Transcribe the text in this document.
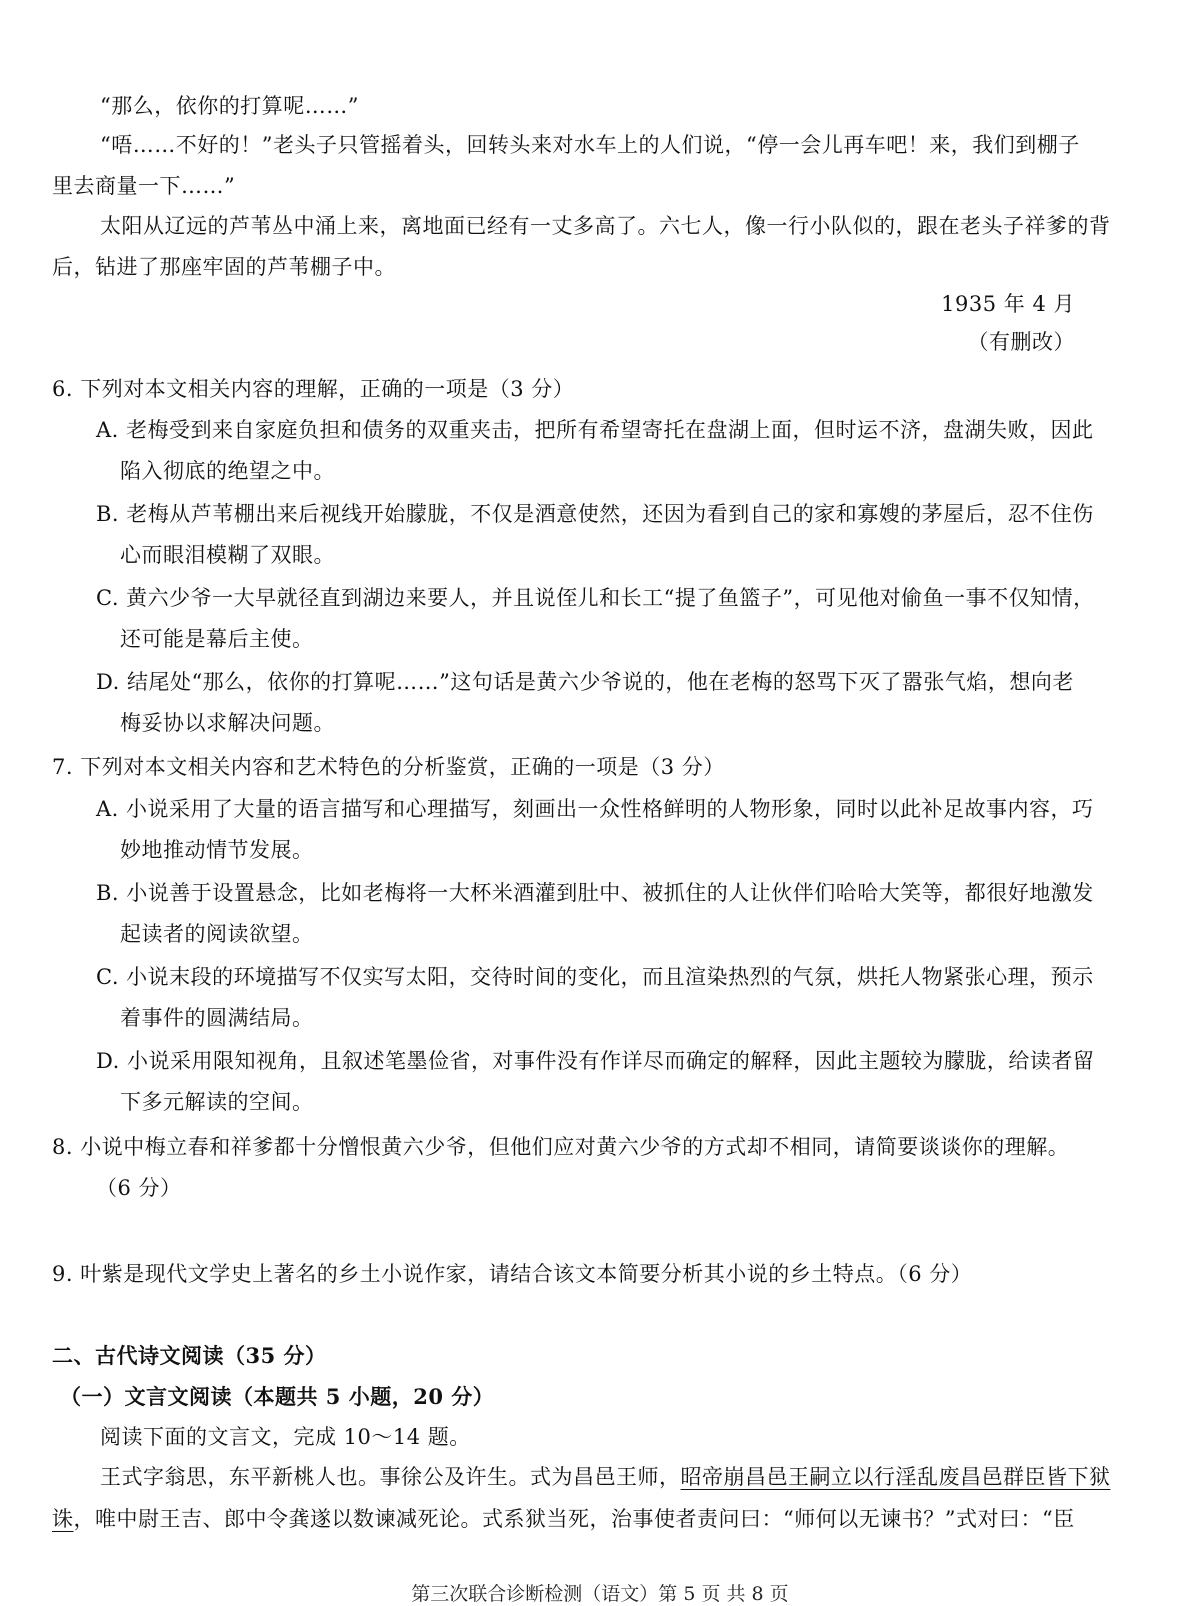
“那么，依你的打算呢……”
“唔……不好的！”老头子只管摇着头，回转头来对水车上的人们说，“停一会儿再车吧！来，我们到棚子
里去商量一下……”
太阳从辽远的芦苇丛中涌上来，离地面已经有一丈多高了。六七人，像一行小队似的，跟在老头子祥爹的背
后，钻进了那座牢固的芦苇棚子中。
1935 年 4 月
（有删改）
6. 下列对本文相关内容的理解，正确的一项是（3 分）
A. 老梅受到来自家庭负担和债务的双重夹击，把所有希望寄托在盘湖上面，但时运不济，盘湖失败，因此
陷入彻底的绝望之中。
B. 老梅从芦苇棚出来后视线开始朦胧，不仅是酒意使然，还因为看到自己的家和寡嫂的茅屋后，忍不住伤
心而眼泪模糊了双眼。
C. 黄六少爷一大早就径直到湖边来要人，并且说侄儿和长工“提了鱼篮子”，可见他对偷鱼一事不仅知情，
还可能是幕后主使。
D. 结尾处“那么，依你的打算呢……”这句话是黄六少爷说的，他在老梅的怒骂下灭了嚣张气焰，想向老
梅妥协以求解决问题。
7. 下列对本文相关内容和艺术特色的分析鉴赏，正确的一项是（3 分）
A. 小说采用了大量的语言描写和心理描写，刻画出一众性格鲜明的人物形象，同时以此补足故事内容，巧
妙地推动情节发展。
B. 小说善于设置悬念，比如老梅将一大杯米酒灌到肚中、被抓住的人让伙伴们哈哈大笑等，都很好地激发
起读者的阅读欲望。
C. 小说末段的环境描写不仅实写太阳，交待时间的变化，而且渲染热烈的气氛，烘托人物紧张心理，预示
着事件的圆满结局。
D. 小说采用限知视角，且叙述笔墨俭省，对事件没有作详尽而确定的解释，因此主题较为朦胧，给读者留
下多元解读的空间。
8. 小说中梅立春和祥爹都十分憎恨黄六少爷，但他们应对黄六少爷的方式却不相同，请简要谈谈你的理解。
（6 分）
9. 叶紫是现代文学史上著名的乡土小说作家，请结合该文本简要分析其小说的乡土特点。（6 分）
二、古代诗文阅读（35 分）
（一）文言文阅读（本题共 5 小题，20 分）
阅读下面的文言文，完成 10～14 题。
王式字翁思，东平新桃人也。事徐公及许生。式为昌邑王师，昭帝崩昌邑王嗣立以行淫乱废昌邑群臣皆下狱
诛，唯中尉王吉、郎中令龚遂以数谏减死论。式系狱当死，治事使者责问曰：“师何以无谏书？”式对曰：“臣
第三次联合诊断检测（语文）第 5 页 共 8 页
